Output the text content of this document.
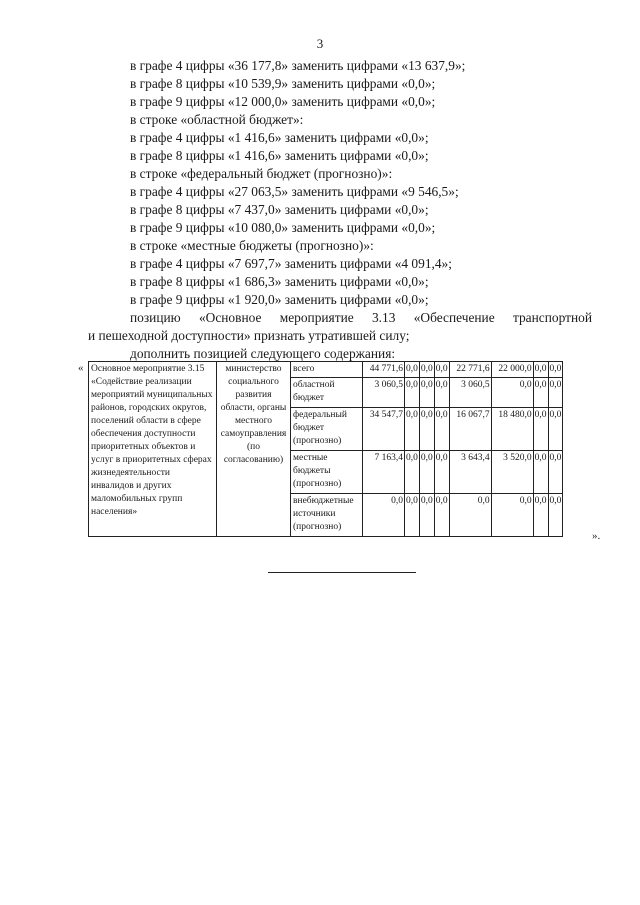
3
в графе 4 цифры «36 177,8» заменить цифрами «13 637,9»;
в графе 8 цифры «10 539,9» заменить цифрами «0,0»;
в графе 9 цифры «12 000,0» заменить цифрами «0,0»;
в строке «областной бюджет»:
в графе 4 цифры «1 416,6» заменить цифрами «0,0»;
в графе 8 цифры «1 416,6» заменить цифрами «0,0»;
в строке «федеральный бюджет (прогнозно)»:
в графе 4 цифры «27 063,5» заменить цифрами «9 546,5»;
в графе 8 цифры «7 437,0» заменить цифрами «0,0»;
в графе 9 цифры «10 080,0» заменить цифрами «0,0»;
в строке «местные бюджеты (прогнозно)»:
в графе 4 цифры «7 697,7» заменить цифрами «4 091,4»;
в графе 8 цифры «1 686,3» заменить цифрами «0,0»;
в графе 9 цифры «1 920,0» заменить цифрами «0,0»;
позицию «Основное мероприятие 3.13 «Обеспечение транспортной
и пешеходной доступности» признать утратившей силу;
дополнить позицией следующего содержания:
« Основное мероприятие 3.15 «Содействие реализации мероприятий муниципальных районов, городских округов, поселений области в сфере обеспечения доступности приоритетных объектов и услуг в приоритетных сферах жизнедеятельности инвалидов и других маломобильных групп населения»	министерство социального развития области, органы местного самоуправления (по согласованию)	всего	44 771,6	0,0	0,0	0,0	22 771,6	22 000,0	0,0	0,0
		областной бюджет	3 060,5	0,0	0,0	0,0	3 060,5	0,0	0,0	0,0
		федеральный бюджет (прогнозно)	34 547,7	0,0	0,0	0,0	16 067,7	18 480,0	0,0	0,0
		местные бюджеты (прогнозно)	7 163,4	0,0	0,0	0,0	3 643,4	3 520,0	0,0	0,0
		внебюджетные источники (прогнозно)	0,0	0,0	0,0	0,0	0,0	0,0	0,0	0,0
».
